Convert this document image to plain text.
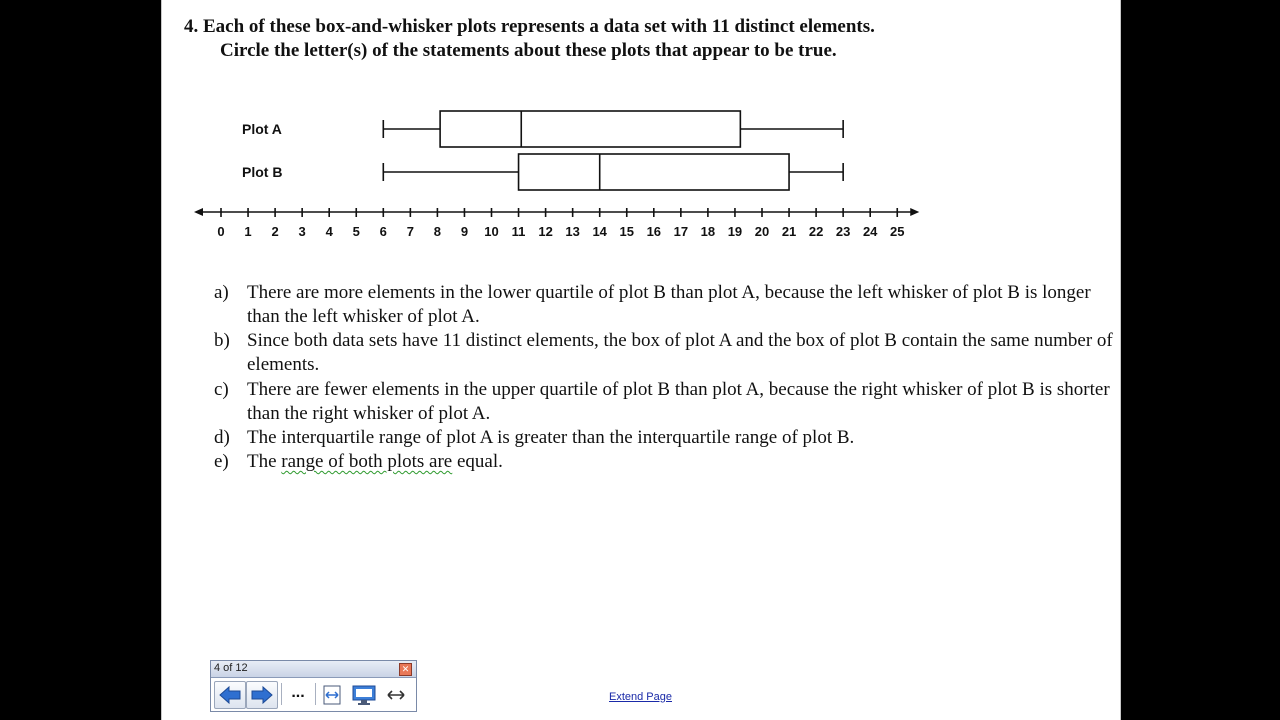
4. Each of these box-and-whisker plots represents a data set with 11 distinct elements.

Circle the letter(s) of the statements about these plots that appear to be true.

0 1 2 3 4 5 6 7 8 9 10 11 12 13 14 15 16 17 18 19 20 21 22 23 24 25
Plot A
Plot B
a) There are more elements in the lower quartile of plot B than plot A, because the left whisker of plot B is longer than the left whisker of plot A.
b) Since both data sets have 11 distinct elements, the box of plot A and the box of plot B contain the same number of elements.
c) There are fewer elements in the upper quartile of plot B than plot A, because the right whisker of plot B is shorter than the right whisker of plot A.
d) The interquartile range of plot A is greater than the interquartile range of plot B.
e) The range of both plots are equal.
4 of 12	✕
...	Extend Page
